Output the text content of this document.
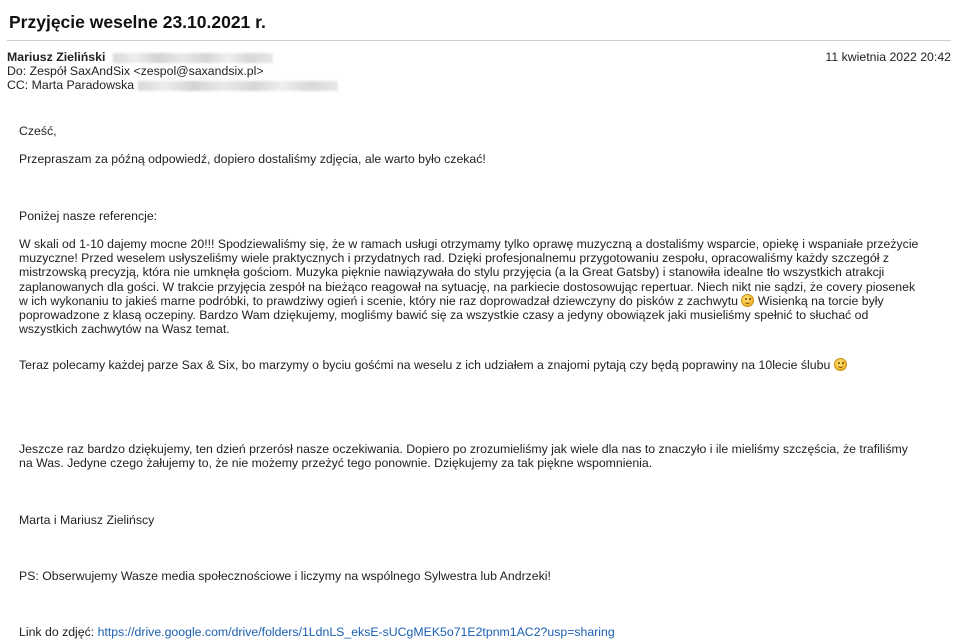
Przyjęcie weselne 23.10.2021 r.
Mariusz Zieliński
Do: Zespół SaxAndSix <zespol@saxandsix.pl>
CC: Marta Paradowska
11 kwietnia 2022 20:42

Cześć,

Przepraszam za późną odpowiedź, dopiero dostaliśmy zdjęcia, ale warto było czekać!

Poniżej nasze referencje:

W skali od 1-10 dajemy mocne 20!!! Spodziewaliśmy się, że w ramach usługi otrzymamy tylko oprawę muzyczną a dostaliśmy wsparcie, opiekę i wspaniałe przeżycie muzyczne! Przed weselem usłyszeliśmy wiele praktycznych i przydatnych rad. Dzięki profesjonalnemu przygotowaniu zespołu, opracowaliśmy każdy szczegół z mistrzowską precyzją, która nie umknęła gościom. Muzyka pięknie nawiązywała do stylu przyjęcia (a la Great Gatsby) i stanowiła idealne tło wszystkich atrakcji zaplanowanych dla gości. W trakcie przyjęcia zespół na bieżąco reagował na sytuację, na parkiecie dostosowując repertuar. Niech nikt nie sądzi, że covery piosenek w ich wykonaniu to jakieś marne podróbki, to prawdziwy ogień i scenie, który nie raz doprowadzał dziewczyny do pisków z zachwytu  Wisienką na torcie były poprowadzone z klasą oczepiny. Bardzo Wam dziękujemy, mogliśmy bawić się za wszystkie czasy a jedyny obowiązek jaki musieliśmy spełnić to słuchać od wszystkich zachwytów na Wasz temat.

Teraz polecamy każdej parze Sax & Six, bo marzymy o byciu gośćmi na weselu z ich udziałem a znajomi pytają czy będą poprawiny na 10lecie ślubu

Jeszcze raz bardzo dziękujemy, ten dzień przerósł nasze oczekiwania. Dopiero po zrozumieliśmy jak wiele dla nas to znaczyło i ile mieliśmy szczęścia, że trafiliśmy na Was. Jedyne czego żałujemy to, że nie możemy przeżyć tego ponownie. Dziękujemy za tak piękne wspomnienia.

Marta i Mariusz Zielińscy

PS: Obserwujemy Wasze media społecznościowe i liczymy na wspólnego Sylwestra lub Andrzeki!

Link do zdjęć: https://drive.google.com/drive/folders/1LdnLS_eksE-sUCgMEK5o71E2tpnm1AC2?usp=sharing
